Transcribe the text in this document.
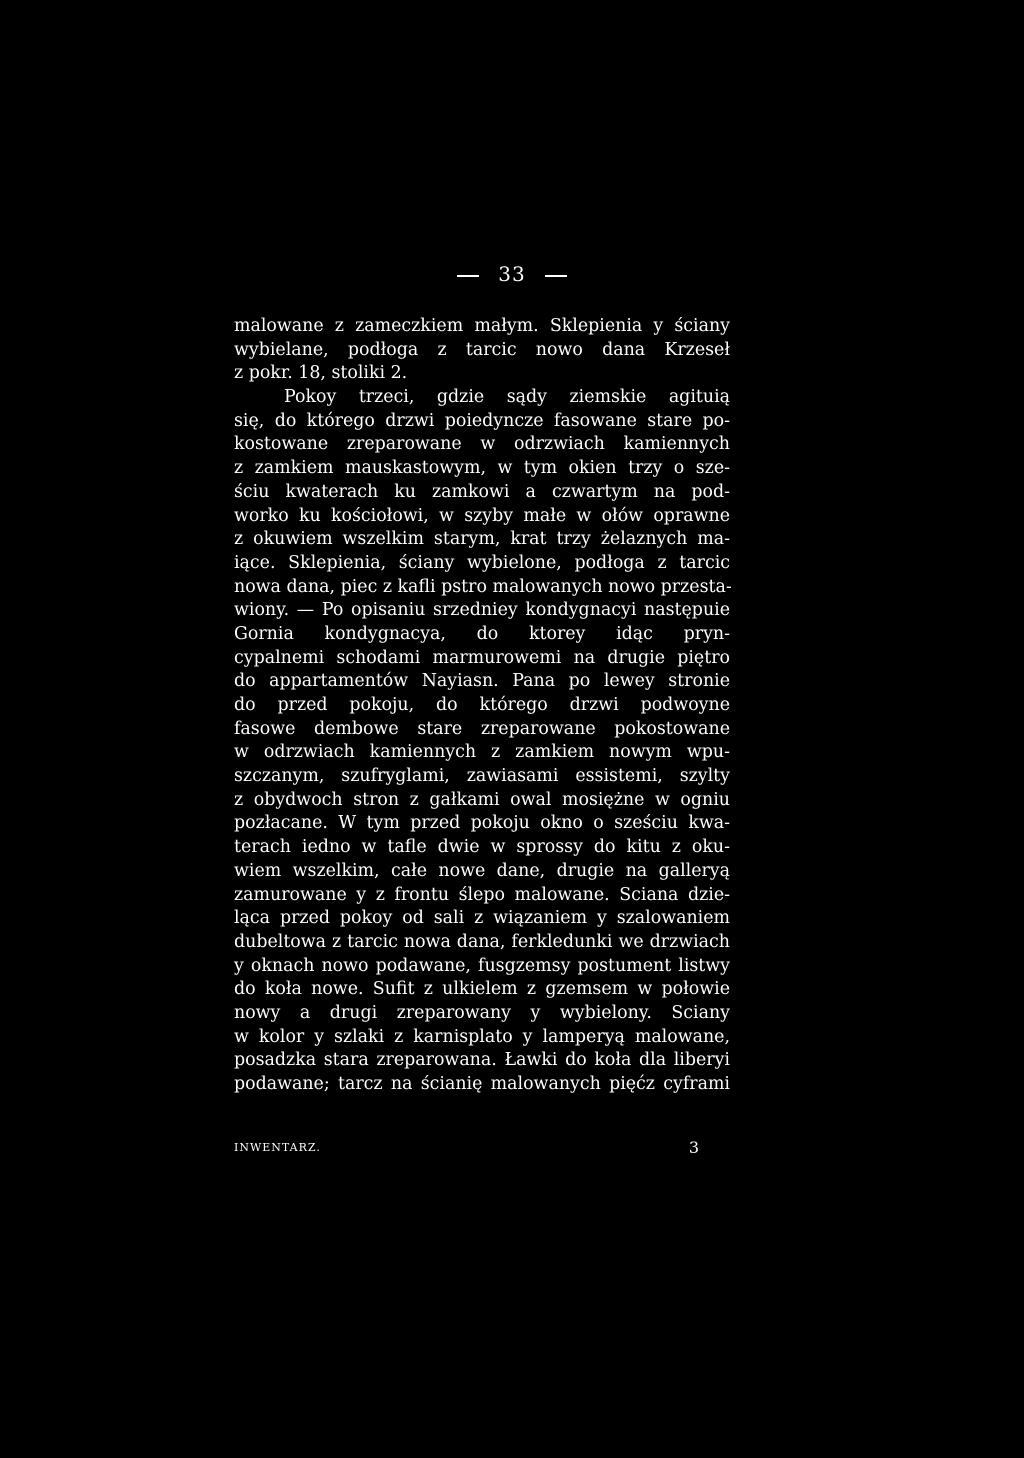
33
malowane z zameczkiem małym. Sklepienia y ściany
wybielane, podłoga z tarcic nowo dana Krzeseł
z pokr. 18, stoliki 2.
Pokoy trzeci, gdzie sądy ziemskie agituią
się, do którego drzwi poiedyncze fasowane stare po-
kostowane zreparowane w odrzwiach kamiennych
z zamkiem mauskastowym, w tym okien trzy o sze-
ściu kwaterach ku zamkowi a czwartym na pod-
worko ku kościołowi, w szyby małe w ołów oprawne
z okuwiem wszelkim starym, krat trzy żelaznych ma-
iące. Sklepienia, ściany wybielone, podłoga z tarcic
nowa dana, piec z kafli pstro malowanych nowo przesta-
wiony. — Po opisaniu srzedniey kondygnacyi następuie
Gornia kondygnacya, do ktorey idąc pryn-
cypalnemi schodami marmurowemi na drugie piętro
do appartamentów Nayiasn. Pana po lewey stronie
do przed pokoju, do którego drzwi podwoyne
fasowe dembowe stare zreparowane pokostowane
w odrzwiach kamiennych z zamkiem nowym wpu-
szczanym, szufryglami, zawiasami essistemi, szylty
z obydwoch stron z gałkami owal mosiężne w ogniu
pozłacane. W tym przed pokoju okno o sześciu kwa-
terach iedno w tafle dwie w sprossy do kitu z oku-
wiem wszelkim, całe nowe dane, drugie na galleryą
zamurowane y z frontu ślepo malowane. Sciana dzie-
ląca przed pokoy od sali z wiązaniem y szalowaniem
dubeltowa z tarcic nowa dana, ferkledunki we drzwiach
y oknach nowo podawane, fusgzemsy postument listwy
do koła nowe. Sufit z ulkielem z gzemsem w połowie
nowy a drugi zreparowany y wybielony. Sciany
w kolor y szlaki z karnisplato y lamperyą malowane,
posadzka stara zreparowana. Ławki do koła dla liberyi
podawane; tarcz na ścianię malowanych pięćz cyframi
INWENTARZ.	3
